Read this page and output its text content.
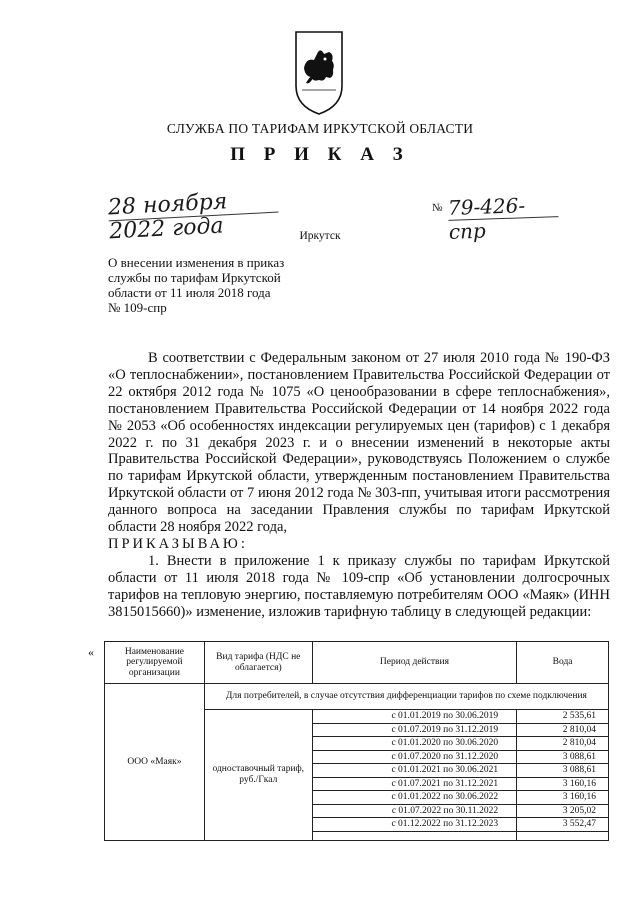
СЛУЖБА ПО ТАРИФАМ ИРКУТСКОЙ ОБЛАСТИ
П Р И К А З
28 ноября 2022 года
№ 79-426-спр
Иркутск
О внесении изменения в приказ
службы по тарифам Иркутской
области от 11 июля 2018 года
№ 109-спр

В соответствии с Федеральным законом от 27 июля 2010 года № 190-ФЗ «О теплоснабжении», постановлением Правительства Российской Федерации от 22 октября 2012 года № 1075 «О ценообразовании в сфере теплоснабжения», постановлением Правительства Российской Федерации от 14 ноября 2022 года № 2053 «Об особенностях индексации регулируемых цен (тарифов) с 1 декабря 2022 г. по 31 декабря 2023 г. и о внесении изменений в некоторые акты Правительства Российской Федерации», руководствуясь Положением о службе по тарифам Иркутской области, утвержденным постановлением Правительства Иркутской области от 7 июня 2012 года № 303-пп, учитывая итоги рассмотрения данного вопроса на заседании Правления службы по тарифам Иркутской области 28 ноября 2022 года,

ПРИКАЗЫВАЮ:

1. Внести в приложение 1 к приказу службы по тарифам Иркутской области от 11 июля 2018 года № 109-спр «Об установлении долгосрочных тарифов на тепловую энергию, поставляемую потребителям ООО «Маяк» (ИНН 3815015660)» изменение, изложив тарифную таблицу в следующей редакции:

«	Наименование регулируемой организации	Вид тарифа (НДС не облагается)	Период действия	Вода
ООО «Маяк»	Для потребителей, в случае отсутствия дифференциации тарифов по схеме подключения		
	одноставочный тариф, руб./Гкал	с 01.01.2019 по 30.06.2019	2 535,61
		с 01.07.2019 по 31.12.2019	2 810,04
		с 01.01.2020 по 30.06.2020	2 810,04
		с 01.07.2020 по 31.12.2020	3 088,61
		с 01.01.2021 по 30.06.2021	3 088,61
		с 01.07.2021 по 31.12.2021	3 160,16
		с 01.01.2022 по 30.06.2022	3 160,16
		с 01.07.2022 по 30.11.2022	3 205,02
		с 01.12.2022 по 31.12.2023	3 552,47
